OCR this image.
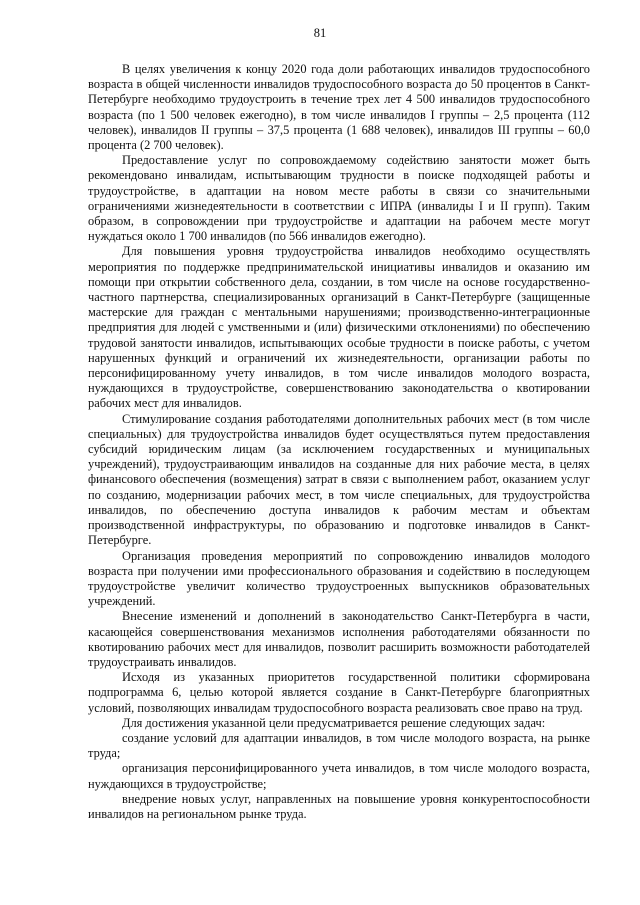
81

В целях увеличения к концу 2020 года доли работающих инвалидов трудоспособного возраста в общей численности инвалидов трудоспособного возраста до 50 процентов в Санкт-Петербурге необходимо трудоустроить в течение трех лет 4 500 инвалидов трудоспособного возраста (по 1 500 человек ежегодно), в том числе инвалидов I группы – 2,5 процента (112 человек), инвалидов II группы – 37,5 процента (1 688 человек), инвалидов III группы – 60,0 процента (2 700 человек).

Предоставление услуг по сопровождаемому содействию занятости может быть рекомендовано инвалидам, испытывающим трудности в поиске подходящей работы и трудоустройстве, в адаптации на новом месте работы в связи со значительными ограничениями жизнедеятельности в соответствии с ИПРА (инвалиды I и II групп). Таким образом, в сопровождении при трудоустройстве и адаптации на рабочем месте могут нуждаться около 1 700 инвалидов (по 566 инвалидов ежегодно).

Для повышения уровня трудоустройства инвалидов необходимо осуществлять мероприятия по поддержке предпринимательской инициативы инвалидов и оказанию им помощи при открытии собственного дела, создании, в том числе на основе государственно-частного партнерства, специализированных организаций в Санкт-Петербурге (защищенные мастерские для граждан с ментальными нарушениями; производственно-интеграционные предприятия для людей с умственными и (или) физическими отклонениями) по обеспечению трудовой занятости инвалидов, испытывающих особые трудности в поиске работы, с учетом нарушенных функций и ограничений их жизнедеятельности, организации работы по персонифицированному учету инвалидов, в том числе инвалидов молодого возраста, нуждающихся в трудоустройстве, совершенствованию законодательства о квотировании рабочих мест для инвалидов.

Стимулирование создания работодателями дополнительных рабочих мест (в том числе специальных) для трудоустройства инвалидов будет осуществляться путем предоставления субсидий юридическим лицам (за исключением государственных и муниципальных учреждений), трудоустраивающим инвалидов на созданные для них рабочие места, в целях финансового обеспечения (возмещения) затрат в связи с выполнением работ, оказанием услуг по созданию, модернизации рабочих мест, в том числе специальных, для трудоустройства инвалидов, по обеспечению доступа инвалидов к рабочим местам и объектам производственной инфраструктуры, по образованию и подготовке инвалидов в Санкт-Петербурге.

Организация проведения мероприятий по сопровождению инвалидов молодого возраста при получении ими профессионального образования и содействию в последующем трудоустройстве увеличит количество трудоустроенных выпускников образовательных учреждений.

Внесение изменений и дополнений в законодательство Санкт-Петербурга в части, касающейся совершенствования механизмов исполнения работодателями обязанности по квотированию рабочих мест для инвалидов, позволит расширить возможности работодателей трудоустраивать инвалидов.

Исходя из указанных приоритетов государственной политики сформирована подпрограмма 6, целью которой является создание в Санкт-Петербурге благоприятных условий, позволяющих инвалидам трудоспособного возраста реализовать свое право на труд.

Для достижения указанной цели предусматривается решение следующих задач:

создание условий для адаптации инвалидов, в том числе молодого возраста, на рынке труда;

организация персонифицированного учета инвалидов, в том числе молодого возраста, нуждающихся в трудоустройстве;

внедрение новых услуг, направленных на повышение уровня конкурентоспособности инвалидов на региональном рынке труда.
